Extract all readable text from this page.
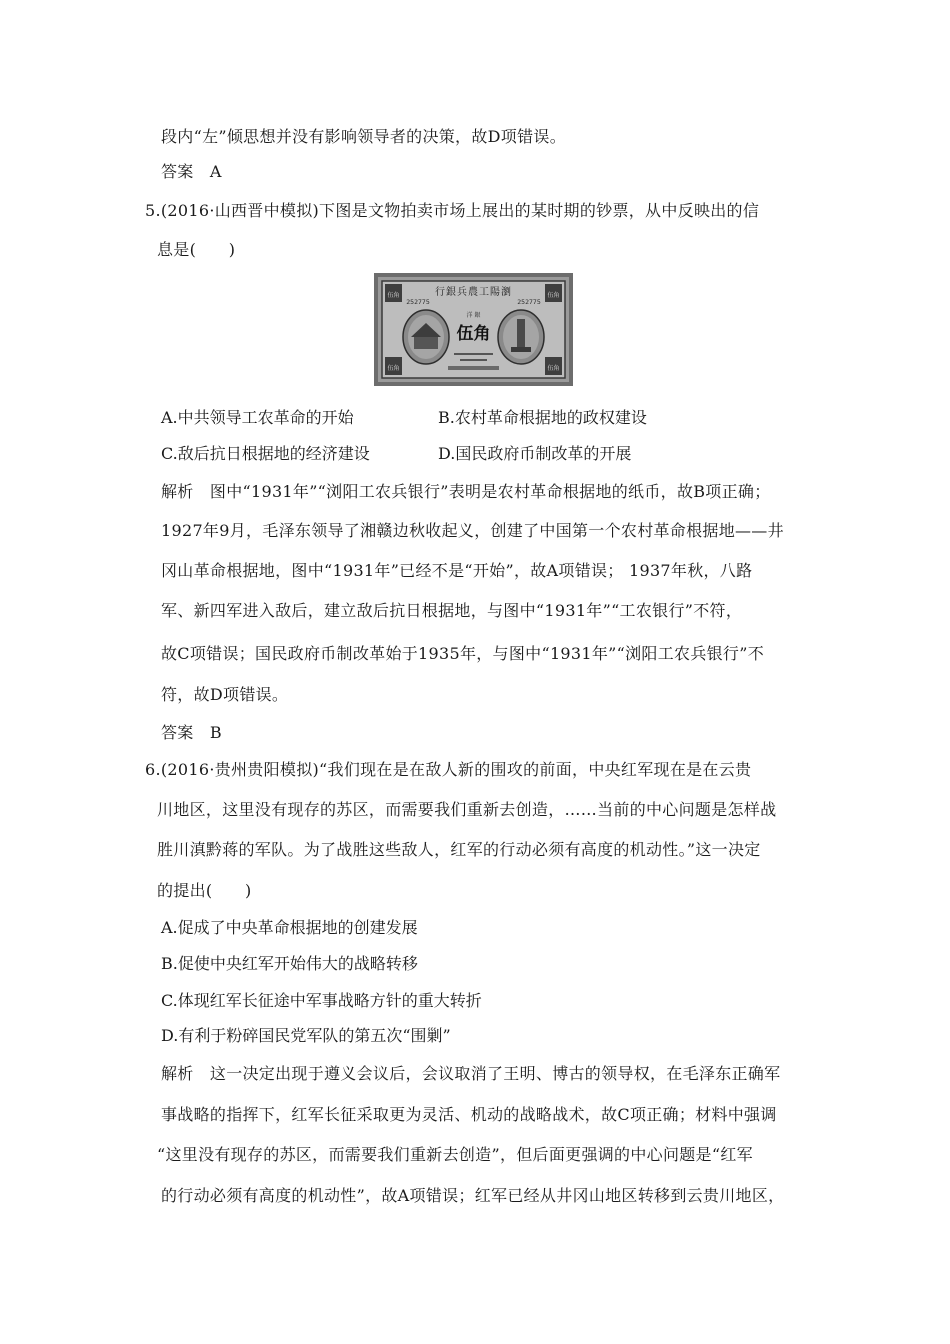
段内“左”倾思想并没有影响领导者的决策，故D项错误。
答案　A
5.(2016·山西晋中模拟)下图是文物拍卖市场上展出的某时期的钞票，从中反映出的信
息是(　　)
伍角	伍角
伍角	伍角
行銀兵農工陽瀏
252775	252775
洋 銀
伍角
A.中共领导工农革命的开始	B.农村革命根据地的政权建设
C.敌后抗日根据地的经济建设	D.国民政府币制改革的开展
解析　图中“1931年”“浏阳工农兵银行”表明是农村革命根据地的纸币，故B项正确；
1927年9月，毛泽东领导了湘赣边秋收起义，创建了中国第一个农村革命根据地——井
冈山革命根据地，图中“1931年”已经不是“开始”，故A项错误； 1937年秋，八路
军、新四军进入敌后，建立敌后抗日根据地，与图中“1931年”“工农银行”不符，
故C项错误；国民政府币制改革始于1935年，与图中“1931年”“浏阳工农兵银行”不
符，故D项错误。
答案　B
6.(2016·贵州贵阳模拟)“我们现在是在敌人新的围攻的前面，中央红军现在是在云贵
川地区，这里没有现存的苏区，而需要我们重新去创造，……当前的中心问题是怎样战
胜川滇黔蒋的军队。为了战胜这些敌人，红军的行动必须有高度的机动性。”这一决定
的提出(　　)
A.促成了中央革命根据地的创建发展
B.促使中央红军开始伟大的战略转移
C.体现红军长征途中军事战略方针的重大转折
D.有利于粉碎国民党军队的第五次“围剿”
解析　这一决定出现于遵义会议后，会议取消了王明、博古的领导权，在毛泽东正确军
事战略的指挥下，红军长征采取更为灵活、机动的战略战术，故C项正确；材料中强调
“这里没有现存的苏区，而需要我们重新去创造”，但后面更强调的中心问题是“红军
的行动必须有高度的机动性”，故A项错误；红军已经从井冈山地区转移到云贵川地区，
